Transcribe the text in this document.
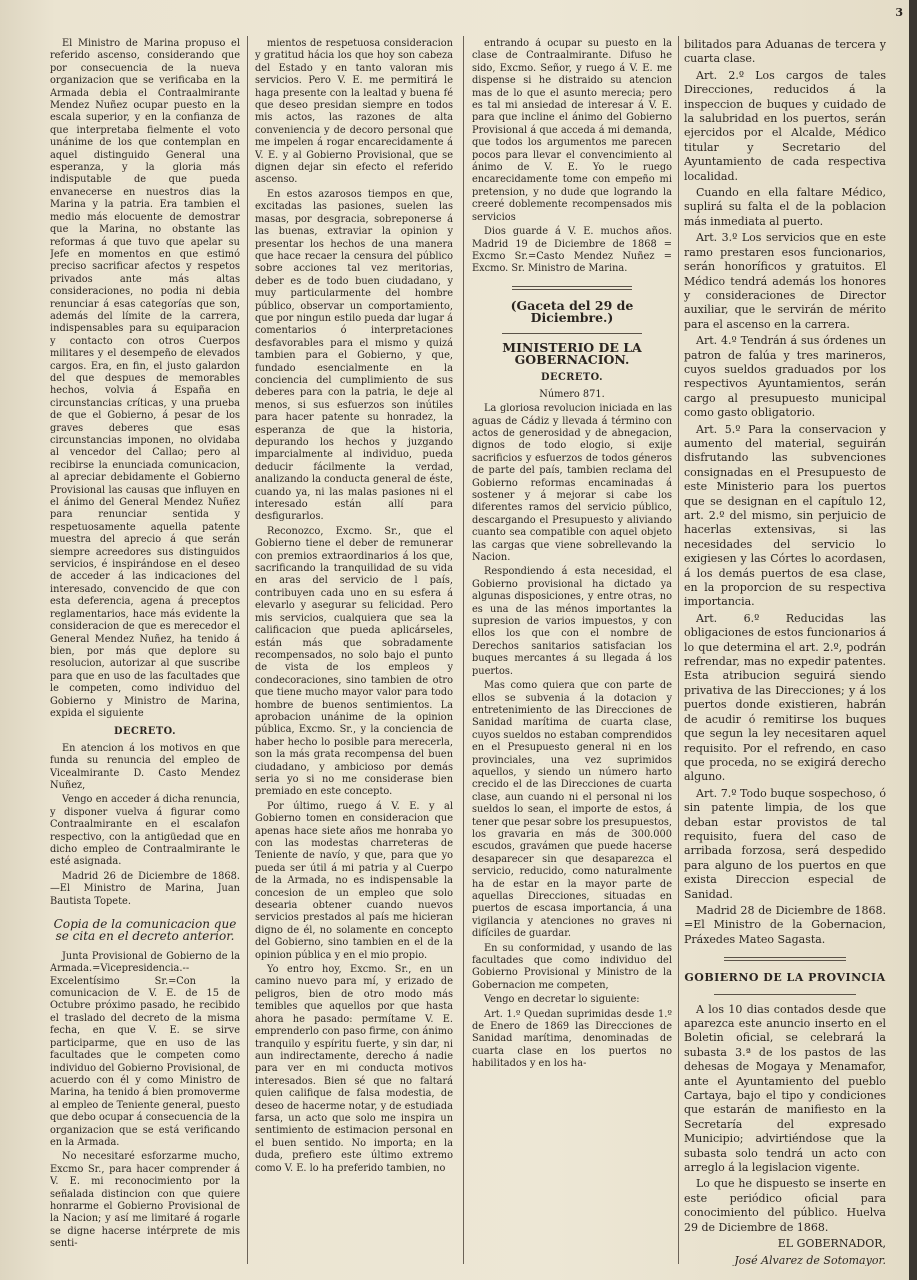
3

El Ministro de Marina propuso el referido ascenso, considerando que por consecuencia de la nueva organizacion que se verificaba en la Armada debia el Contraalmirante Mendez Nuñez ocupar puesto en la escala superior, y en la confianza de que interpretaba fielmente el voto unánime de los que contemplan en aquel distinguido General una esperanza, y la gloria más indisputable de que pueda envanecerse en nuestros dias la Marina y la patria. Era tambien el medio más elocuente de demostrar que la Marina, no obstante las reformas á que tuvo que apelar su Jefe en momentos en que estimó preciso sacrificar afectos y respetos privados ante más altas consideraciones, no podia ni debia renunciar á esas categorías que son, además del límite de la carrera, indispensables para su equiparacion y contacto con otros Cuerpos militares y el desempeño de elevados cargos. Era, en fin, el justo galardon del que despues de memorables hechos, volvia á España en circunstancias críticas, y una prueba de que el Gobierno, á pesar de los graves deberes que esas circunstancias imponen, no olvidaba al vencedor del Callao; pero al recibirse la enunciada comunicacion, al apreciar debidamente el Gobierno Provisional las causas que influyen en el ánimo del General Mendez Nuñez para renunciar sentida y respetuosamente aquella patente muestra del aprecio á que serán siempre acreedores sus distinguidos servicios, é inspirándose en el deseo de acceder á las indicaciones del interesado, convencido de que con esta deferencia, agena á preceptos reglamentarios, hace más evidente la consideracion de que es merecedor el General Mendez Nuñez, ha tenido á bien, por más que deplore su resolucion, autorizar al que suscribe para que en uso de las facultades que le competen, como individuo del Gobierno y Ministro de Marina, expida el siguiente

DECRETO.

En atencion á los motivos en que funda su renuncia del empleo de Vicealmirante D. Casto Mendez Nuñez,

Vengo en acceder á dicha renuncia, y disponer vuelva á figurar como Contraalmirante en el escalafon respectivo, con la antigüedad que en dicho empleo de Contraalmirante le esté asignada.

Madrid 26 de Diciembre de 1868. —El Ministro de Marina, Juan Bautista Topete.

Copia de la comunicacion que se cita en el decreto anterior.

Junta Provisional de Gobierno de la Armada.=Vicepresidencia.--Excelentísimo Sr.=Con la comunicacion de V. E. de 15 de Octubre próximo pasado, he recibido el traslado del decreto de la misma fecha, en que V. E. se sirve participarme, que en uso de las facultades que le competen como individuo del Gobierno Provisional, de acuerdo con él y como Ministro de Marina, ha tenido á bien promoverme al empleo de Teniente general, puesto que debo ocupar á consecuencia de la organizacion que se está verificando en la Armada.

No necesitaré esforzarme mucho, Excmo Sr., para hacer comprender á V. E. mi reconocimiento por la señalada distincion con que quiere honrarme el Gobierno Provisional de la Nacion; y así me limitaré á rogarle se digne hacerse intérprete de mis senti-

mientos de respetuosa consideracion y gratitud hácia los que hoy son cabeza del Estado y en tanto valoran mis servicios. Pero V. E. me permitirá le haga presente con la lealtad y buena fé que deseo presidan siempre en todos mis actos, las razones de alta conveniencia y de decoro personal que me impelen á rogar encarecidamente á V. E. y al Gobierno Provisional, que se dignen dejar sin efecto el referido ascenso.

En estos azarosos tiempos en que, excitadas las pasiones, suelen las masas, por desgracia, sobreponerse á las buenas, extraviar la opinion y presentar los hechos de una manera que hace recaer la censura del público sobre acciones tal vez meritorias, deber es de todo buen ciudadano, y muy particularmente del hombre público, observar un comportamiento, que por ningun estilo pueda dar lugar á comentarios ó interpretaciones desfavorables para el mismo y quizá tambien para el Gobierno, y que, fundado esencialmente en la conciencia del cumplimiento de sus deberes para con la patria, le deje al menos, si sus esfuerzos son inútiles para hacer patente su honradez, la esperanza de que la historia, depurando los hechos y juzgando imparcialmente al individuo, pueda deducir fácilmente la verdad, analizando la conducta general de éste, cuando ya, ni las malas pasiones ni el interesado están allí para desfigurarlos.

Reconozco, Excmo. Sr., que el Gobierno tiene el deber de remunerar con premios extraordinarios á los que, sacrificando la tranquilidad de su vida en aras del servicio de l país, contribuyen cada uno en su esfera á elevarlo y asegurar su felicidad. Pero mis servicios, cualquiera que sea la calificacion que pueda aplicárseles, están más que sobradamente recompensados, no solo bajo el punto de vista de los empleos y condecoraciones, sino tambien de otro que tiene mucho mayor valor para todo hombre de buenos sentimientos. La aprobacion unánime de la opinion pública, Excmo. Sr., y la conciencia de haber hecho lo posible para merecerla, son la más grata recompensa del buen ciudadano, y ambicioso por demás seria yo si no me considerase bien premiado en este concepto.

Por último, ruego á V. E. y al Gobierno tomen en consideracion que apenas hace siete años me honraba yo con las modestas charreteras de Teniente de navío, y que, para que yo pueda ser útil á mi patria y al Cuerpo de la Armada, no es indispensable la concesion de un empleo que solo desearia obtener cuando nuevos servicios prestados al país me hicieran digno de él, no solamente en concepto del Gobierno, sino tambien en el de la opinion pública y en el mio propio.

Yo entro hoy, Excmo. Sr., en un camino nuevo para mí, y erizado de peligros, bien de otro modo más temibles que aquellos por que hasta ahora he pasado: permítame V. E. emprenderlo con paso firme, con ánimo tranquilo y espíritu fuerte, y sin dar, ni aun indirectamente, derecho á nadie para ver en mi conducta motivos interesados. Bien sé que no faltará quien califique de falsa modestia, de deseo de hacerme notar, y de estudiada farsa, un acto que solo me inspira un sentimiento de estimacion personal en el buen sentido. No importa; en la duda, prefiero este último extremo como V. E. lo ha preferido tambien, no

entrando á ocupar su puesto en la clase de Contraalmirante. Difuso he sido, Excmo. Señor, y ruego á V. E. me dispense si he distraido su atencion mas de lo que el asunto merecia; pero es tal mi ansiedad de interesar á V. E. para que incline el ánimo del Gobierno Provisional á que acceda á mi demanda, que todos los argumentos me parecen pocos para llevar el convencimiento al ánimo de V. E. Yo le ruego encarecidamente tome con empeño mi pretension, y no dude que logrando la creeré doblemente recompensados mis servicios

Dios guarde á V. E. muchos años. Madrid 19 de Diciembre de 1868 = Excmo Sr.=Casto Mendez Nuñez = Excmo. Sr. Ministro de Marina.

(Gaceta del 29 de Diciembre.)

MINISTERIO DE LA GOBERNACION.

DECRETO.

Número 871.

La gloriosa revolucion iniciada en las aguas de Cádiz y llevada á término con actos de generosidad y de abnegacion, dignos de todo elogio, si exije sacrificios y esfuerzos de todos géneros de parte del país, tambien reclama del Gobierno reformas encaminadas á sostener y á mejorar si cabe los diferentes ramos del servicio público, descargando el Presupuesto y aliviando cuanto sea compatible con aquel objeto las cargas que viene sobrellevando la Nacion.

Respondiendo á esta necesidad, el Gobierno provisional ha dictado ya algunas disposiciones, y entre otras, no es una de las ménos importantes la supresion de varios impuestos, y con ellos los que con el nombre de Derechos sanitarios satisfacian los buques mercantes á su llegada á los puertos.

Mas como quiera que con parte de ellos se subvenia á la dotacion y entretenimiento de las Direcciones de Sanidad marítima de cuarta clase, cuyos sueldos no estaban comprendidos en el Presupuesto general ni en los provinciales, una vez suprimidos aquellos, y siendo un número harto crecido el de las Direcciones de cuarta clase, aun cuando ni el personal ni los sueldos lo sean, el importe de estos, á tener que pesar sobre los presupuestos, los gravaria en más de 300.000 escudos, gravámen que puede hacerse desaparecer sin que desaparezca el servicio, reducido, como naturalmente ha de estar en la mayor parte de aquellas Direcciones, situadas en puertos de escasa importancia, á una vigilancia y atenciones no graves ni difíciles de guardar.

En su conformidad, y usando de las facultades que como individuo del Gobierno Provisional y Ministro de la Gobernacion me competen,

Vengo en decretar lo siguiente:

Art. 1.º Quedan suprimidas desde 1.º de Enero de 1869 las Direcciones de Sanidad marítima, denominadas de cuarta clase en los puertos no habilitados y en los ha-

bilitados para Aduanas de tercera y cuarta clase.

Art. 2.º Los cargos de tales Direcciones, reducidos á la inspeccion de buques y cuidado de la salubridad en los puertos, serán ejercidos por el Alcalde, Médico titular y Secretario del Ayuntamiento de cada respectiva localidad.

Cuando en ella faltare Médico, suplirá su falta el de la poblacion más inmediata al puerto.

Art. 3.º Los servicios que en este ramo prestaren esos funcionarios, serán honoríficos y gratuitos. El Médico tendrá además los honores y consideraciones de Director auxiliar, que le servirán de mérito para el ascenso en la carrera.

Art. 4.º Tendrán á sus órdenes un patron de falúa y tres marineros, cuyos sueldos graduados por los respectivos Ayuntamientos, serán cargo al presupuesto municipal como gasto obligatorio.

Art. 5.º Para la conservacion y aumento del material, seguirán disfrutando las subvenciones consignadas en el Presupuesto de este Ministerio para los puertos que se designan en el capítulo 12, art. 2.º del mismo, sin perjuicio de hacerlas extensivas, si las necesidades del servicio lo exigiesen y las Córtes lo acordasen, á los demás puertos de esa clase, en la proporcion de su respectiva importancia.

Art. 6.º Reducidas las obligaciones de estos funcionarios á lo que determina el art. 2.º, podrán refrendar, mas no expedir patentes. Esta atribucion seguirá siendo privativa de las Direcciones; y á los puertos donde existieren, habrán de acudir ó remitirse los buques que segun la ley necesitaren aquel requisito. Por el refrendo, en caso que proceda, no se exigirá derecho alguno.

Art. 7.º Todo buque sospechoso, ó sin patente limpia, de los que deban estar provistos de tal requisito, fuera del caso de arribada forzosa, será despedido para alguno de los puertos en que exista Direccion especial de Sanidad.

Madrid 28 de Diciembre de 1868. =El Ministro de la Gobernacion, Práxedes Mateo Sagasta.

GOBIERNO DE LA PROVINCIA

A los 10 dias contados desde que aparezca este anuncio inserto en el Boletin oficial, se celebrará la subasta 3.ª de los pastos de las dehesas de Mogaya y Menamafor, ante el Ayuntamiento del pueblo Cartaya, bajo el tipo y condiciones que estarán de manifiesto en la Secretaría del expresado Municipio; advirtiéndose que la subasta solo tendrá un acto con arreglo á la legislacion vigente.

Lo que he dispuesto se inserte en este periódico oficial para conocimiento del público. Huelva 29 de Diciembre de 1868.

EL GOBERNADOR,

José Alvarez de Sotomayor.
